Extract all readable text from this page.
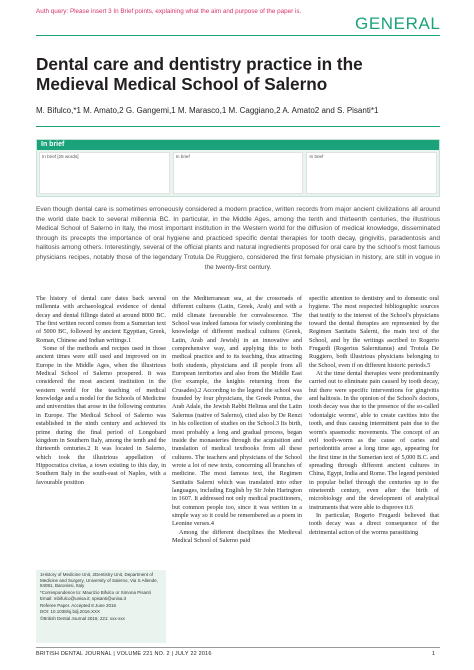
Auth query: Please insert 3 In Brief points, explaining what the aim and purpose of the paper is.
GENERAL
Dental care and dentistry practice in the Medieval Medical School of Salerno
M. Bifulco,*1 M. Amato,2 G. Gangemi,1 M. Marasco,1 M. Caggiano,2 A. Amato2 and S. Pisanti*1
In brief
In brief [25 words]	In brief	In brief

Even though dental care is sometimes erroneously considered a modern practice, written records from major ancient civilizations all around the world date back to several millennia BC. In particular, in the Middle Ages, among the tenth and thirteenth centuries, the illustrious Medical School of Salerno in Italy, the most important institution in the Western world for the diffusion of medical knowledge, disseminated through its precepts the importance of oral hygiene and practiced specific dental therapies for tooth decay, gingivitis, paradentosis and halitosis among others. Interestingly, several of the official plants and natural ingredients proposed for oral care by the school's most famous physicians recipes, notably those of the legendary Trotula De Ruggiero, considered the first female physician in history, are still in vogue in the twenty-first century.

The history of dental care dates back several millennia with archaeological evidence of dental decay and dental fillings dated at around 8000 BC. The first written record comes from a Sumerian text of 5000 BC, followed by ancient Egyptian, Greek, Roman, Chinese and Indian writings.1

Some of the methods and recipes used in those ancient times were still used and improved on in Europe in the Middle Ages, when the illustrious Medical School of Salerno prospered. It was considered the most ancient institution in the western world for the teaching of medical knowledge and a model for the Schools of Medicine and universities that arose in the following centuries in Europe. The Medical School of Salerno was established in the ninth century and achieved its prime during the final period of Longobard kingdom in Southern Italy, among the tenth and the thirteenth centuries.2 It was located in Salerno, which took the illustrious appellation of Hippocratica civitas, a town existing to this day, in Southern Italy in the south-east of Naples, with a favourable position

on the Mediterranean sea, at the crossroads of different cultures (Latin, Greek, Arab) and with a mild climate favourable for convalescence. The School was indeed famous for wisely combining the knowledge of different medical cultures (Greek, Latin, Arab and Jewish) in an innovative and comprehensive way, and applying this to both medical practice and to its teaching, thus attracting both students, physicians and ill people from all European territories and also from the Middle East (for example, the knights returning from the Crusades).2 According to the legend the school was founded by four physicians, the Greek Pontus, the Arab Adale, the Jewish Rabbi Helinus and the Latin Salernus (native of Salerno), cited also by De Renzi in his collection of studies on the School.3 Its birth, most probably a long and gradual process, began inside the monasteries through the acquisition and translation of medical textbooks from all these cultures. The teachers and physicians of the School wrote a lot of new texts, concerning all branches of medicine. The most famous text, the Regimen Sanitatis Salerni which was translated into other languages, including English by Sir John Harington in 1607. It addressed not only medical practitioners, but common people too, since it was written in a simple way so it could be remembered as a poem in Leonine verses.4

Among the different disciplines the Medieval Medical School of Salerno paid

specific attention to dentistry and to domestic oral hygiene. The most respected bibliographic sources that testify to the interest of the School's physicians toward the dental therapies are represented by the Regimen Sanitatis Salerni, the main text of the School, and by the writings ascribed to Rogerio Frugardi (Rogerius Salernitanus) and Trotula De Ruggiero, both illustrious physicians belonging to the School, even if on different historic periods.5

At the time dental therapies were predominantly carried out to eliminate pain caused by tooth decay, but there were specific interventions for gingivitis and halitosis. In the opinion of the School's doctors, tooth decay was due to the presence of the so-called 'odontalgic worms', able to create cavities into the tooth, and thus causing intermittent pain due to the worm's spasmodic movements. The concept of an evil tooth-worm as the cause of caries and periodontitis arose a long time ago, appearing for the first time in the Sumerian text of 5,000 B.C. and spreading through different ancient cultures in China, Egypt, India and Rome. The legend persisted in popular belief through the centuries up to the nineteenth century, even after the birth of microbiology and the development of analytical instruments that were able to disprove it.6

In particular, Rogerio Frugardi believed that tooth decay was a direct consequence of the detrimental action of the worms parasitising

1History of Medicine Unit, 2Dentistry Unit, Department of Medicine and Surgery, University of Salerno, Via S Allende, 84081, Baronissi, Italy
*Correspondence to: Maurizio Bifulco or Simona Pisanti
Email: mbifulco@unisa.it; spisanti@unisa.it
Referee Paper. Accepted 8 June 2016
DOI: 10.1038/sj.bdj.2016.XXX
©British Dental Journal 2016; 221: xxx-xxx
BRITISH DENTAL JOURNAL | VOLUME 221 NO. 2 | JULY 22 2016	1
